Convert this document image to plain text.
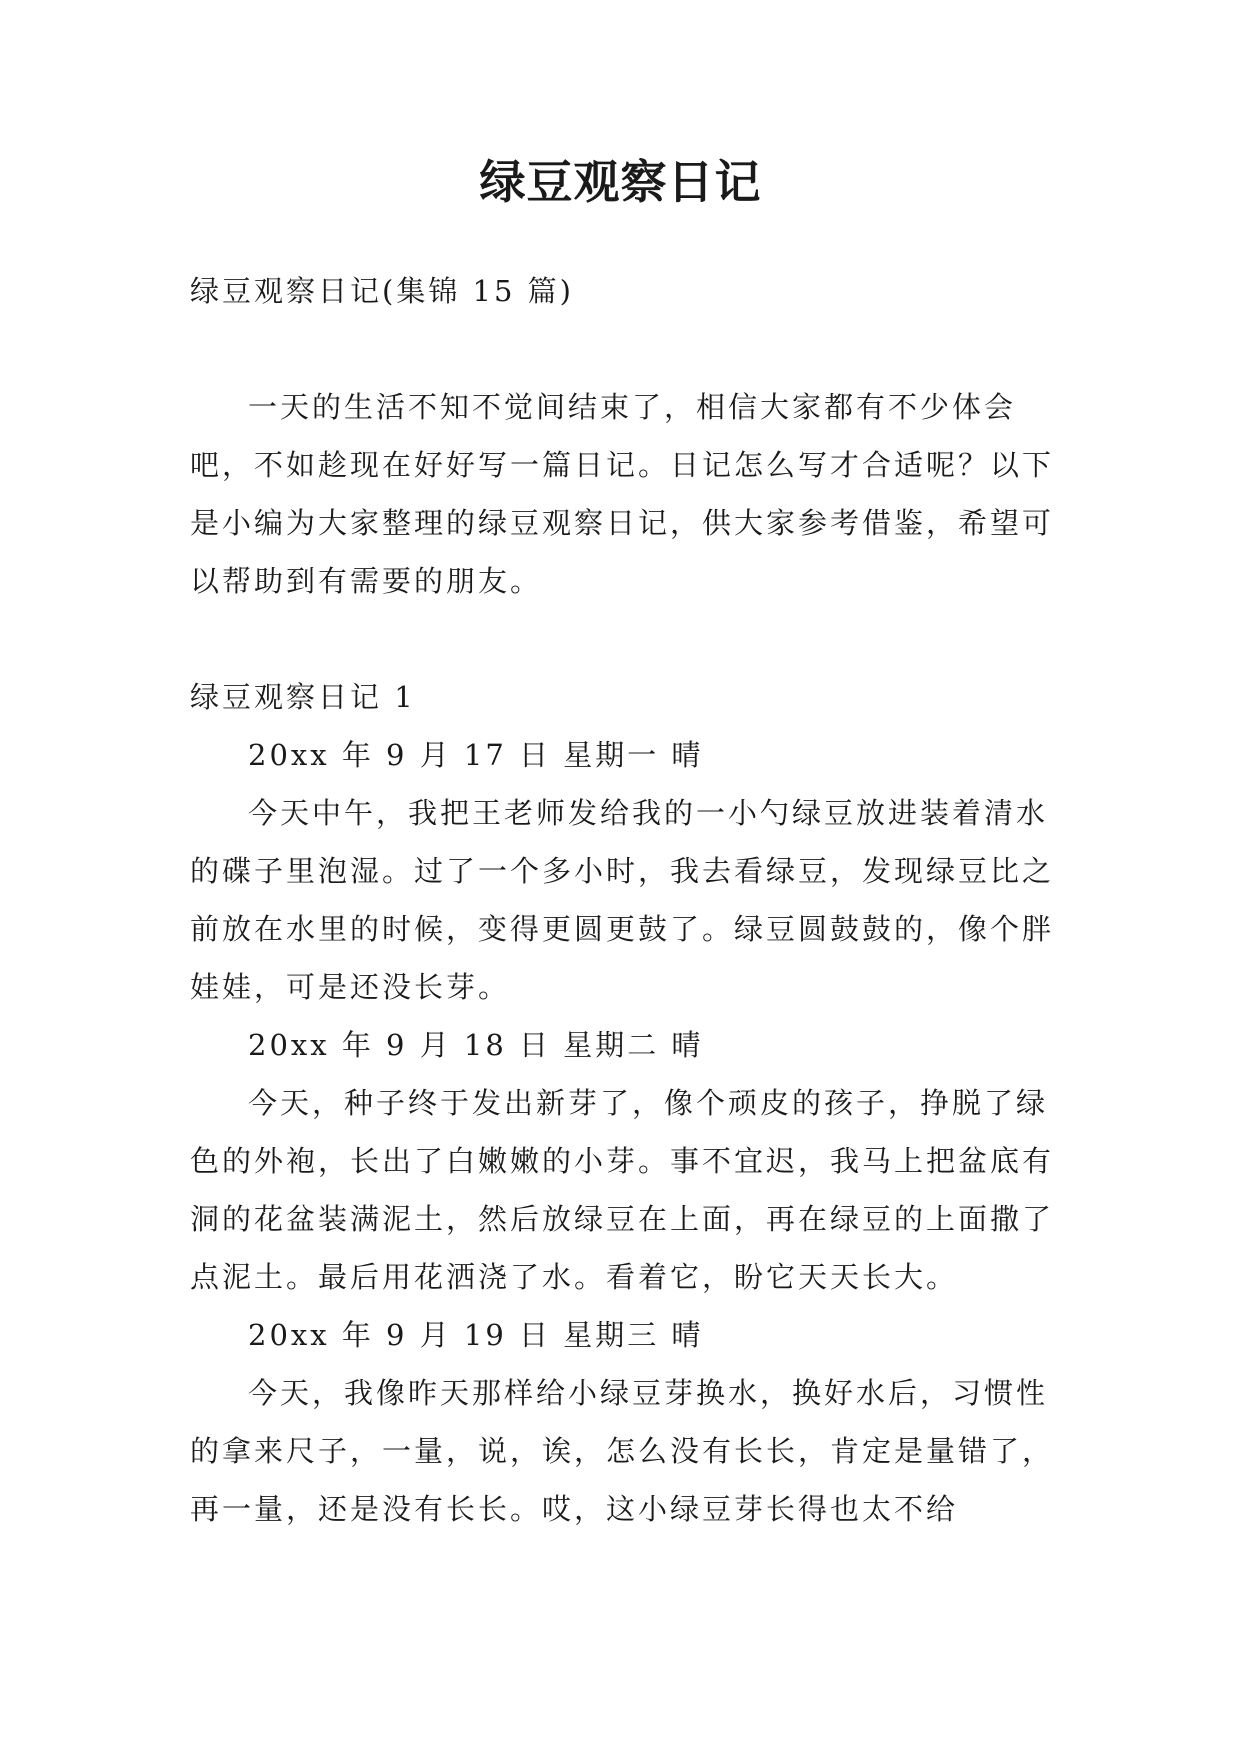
绿豆观察日记

绿豆观察日记(集锦 15 篇)

一天的生活不知不觉间结束了，相信大家都有不少体会吧，不如趁现在好好写一篇日记。日记怎么写才合适呢？以下是小编为大家整理的绿豆观察日记，供大家参考借鉴，希望可以帮助到有需要的朋友。

绿豆观察日记 1

20xx 年 9 月 17 日 星期一 晴

今天中午，我把王老师发给我的一小勺绿豆放进装着清水的碟子里泡湿。过了一个多小时，我去看绿豆，发现绿豆比之前放在水里的时候，变得更圆更鼓了。绿豆圆鼓鼓的，像个胖娃娃，可是还没长芽。

20xx 年 9 月 18 日 星期二 晴

今天，种子终于发出新芽了，像个顽皮的孩子，挣脱了绿色的外袍，长出了白嫩嫩的小芽。事不宜迟，我马上把盆底有洞的花盆装满泥土，然后放绿豆在上面，再在绿豆的上面撒了点泥土。最后用花洒浇了水。看着它，盼它天天长大。

20xx 年 9 月 19 日 星期三 晴

今天，我像昨天那样给小绿豆芽换水，换好水后，习惯性的拿来尺子，一量，说，诶，怎么没有长长，肯定是量错了，再一量，还是没有长长。哎，这小绿豆芽长得也太不给
